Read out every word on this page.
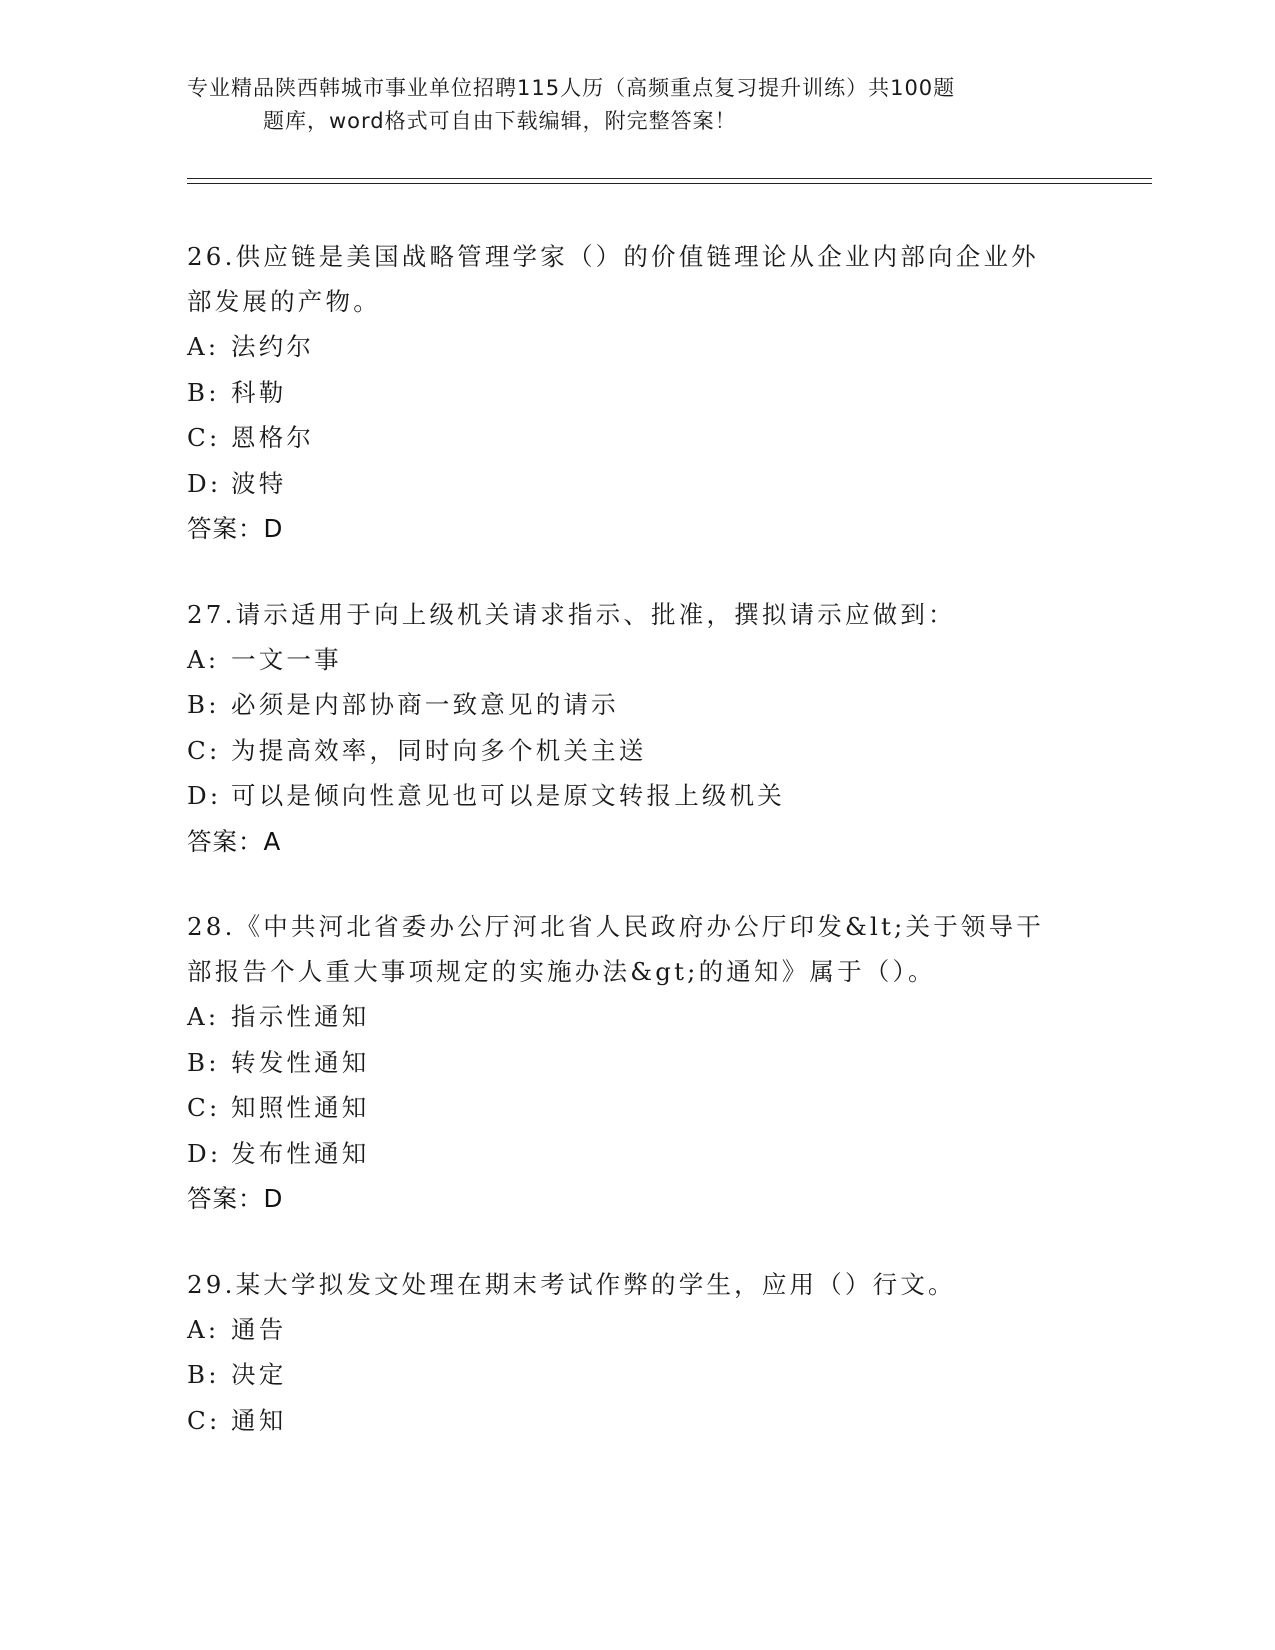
专业精品陕西韩城市事业单位招聘115人历（高频重点复习提升训练）共100题
题库，word格式可自由下载编辑，附完整答案！

26.供应链是美国战略管理学家（）的价值链理论从企业内部向企业外

部发展的产物。

A: 法约尔
B: 科勒
C: 恩格尔
D: 波特

答案：D

27.请示适用于向上级机关请求指示、批准，撰拟请示应做到：

A: 一文一事
B: 必须是内部协商一致意见的请示
C: 为提高效率，同时向多个机关主送
D: 可以是倾向性意见也可以是原文转报上级机关

答案：A

28.《中共河北省委办公厅河北省人民政府办公厅印发&lt;关于领导干

部报告个人重大事项规定的实施办法&gt;的通知》属于（）。

A: 指示性通知
B: 转发性通知
C: 知照性通知
D: 发布性通知

答案：D

29.某大学拟发文处理在期末考试作弊的学生，应用（）行文。

A: 通告
B: 决定
C: 通知
